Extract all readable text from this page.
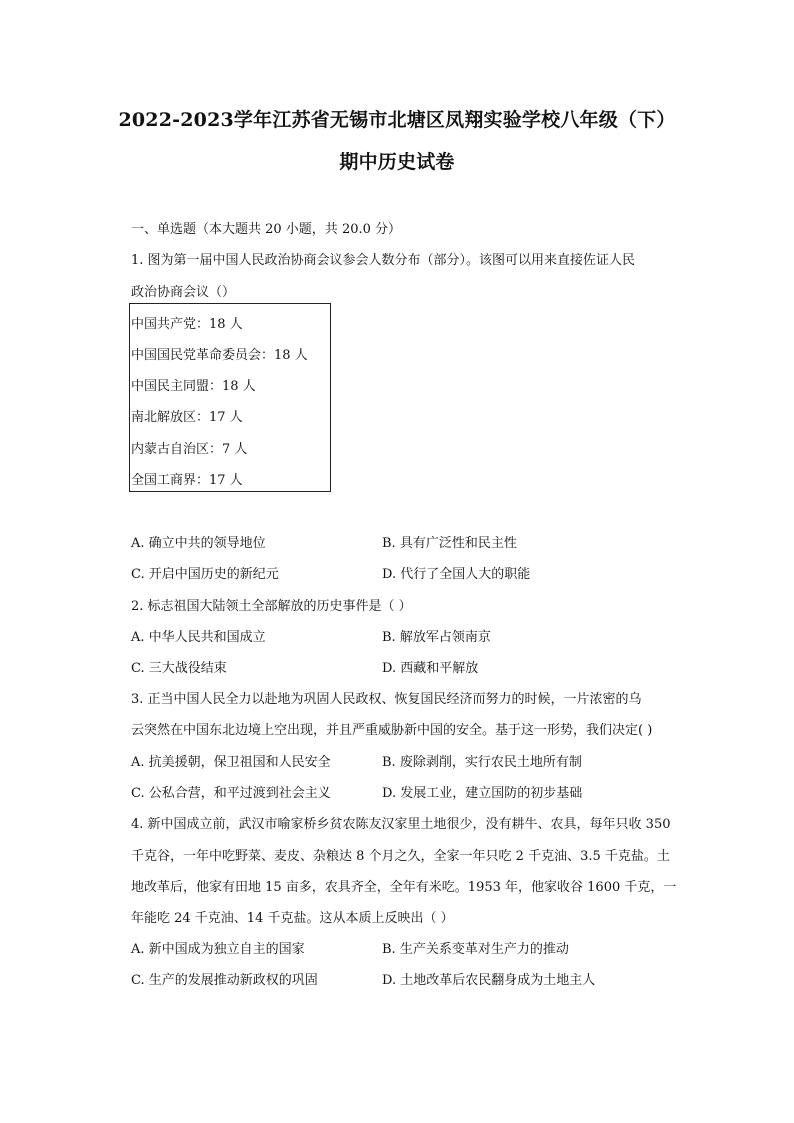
2022-2023学年江苏省无锡市北塘区凤翔实验学校八年级（下）
期中历史试卷
一、单选题（本大题共 20 小题，共 20.0 分）
1. 图为第一届中国人民政治协商会议参会人数分布（部分）。该图可以用来直接佐证人民
政治协商会议（）
中国共产党：18 人
中国国民党革命委员会：18 人
中国民主同盟：18 人
南北解放区：17 人
内蒙古自治区：7 人
全国工商界：17 人
A. 确立中共的领导地位	B. 具有广泛性和民主性
C. 开启中国历史的新纪元	D. 代行了全国人大的职能
2. 标志祖国大陆领土全部解放的历史事件是（ ）
A. 中华人民共和国成立	B. 解放军占领南京
C. 三大战役结束	D. 西藏和平解放
3. 正当中国人民全力以赴地为巩固人民政权、恢复国民经济而努力的时候，一片浓密的乌
云突然在中国东北边境上空出现，并且严重威胁新中国的安全。基于这一形势，我们决定( )
A. 抗美援朝，保卫祖国和人民安全	B. 废除剥削，实行农民土地所有制
C. 公私合营，和平过渡到社会主义	D. 发展工业，建立国防的初步基础
4. 新中国成立前，武汉市喻家桥乡贫农陈友汉家里土地很少，没有耕牛、农具，每年只收 350
千克谷，一年中吃野菜、麦皮、杂粮达 8 个月之久，全家一年只吃 2 千克油、3.5 千克盐。土
地改革后，他家有田地 15 亩多，农具齐全，全年有米吃。1953 年，他家收谷 1600 千克，一
年能吃 24 千克油、14 千克盐。这从本质上反映出（ ）
A. 新中国成为独立自主的国家	B. 生产关系变革对生产力的推动
C. 生产的发展推动新政权的巩固	D. 土地改革后农民翻身成为土地主人
